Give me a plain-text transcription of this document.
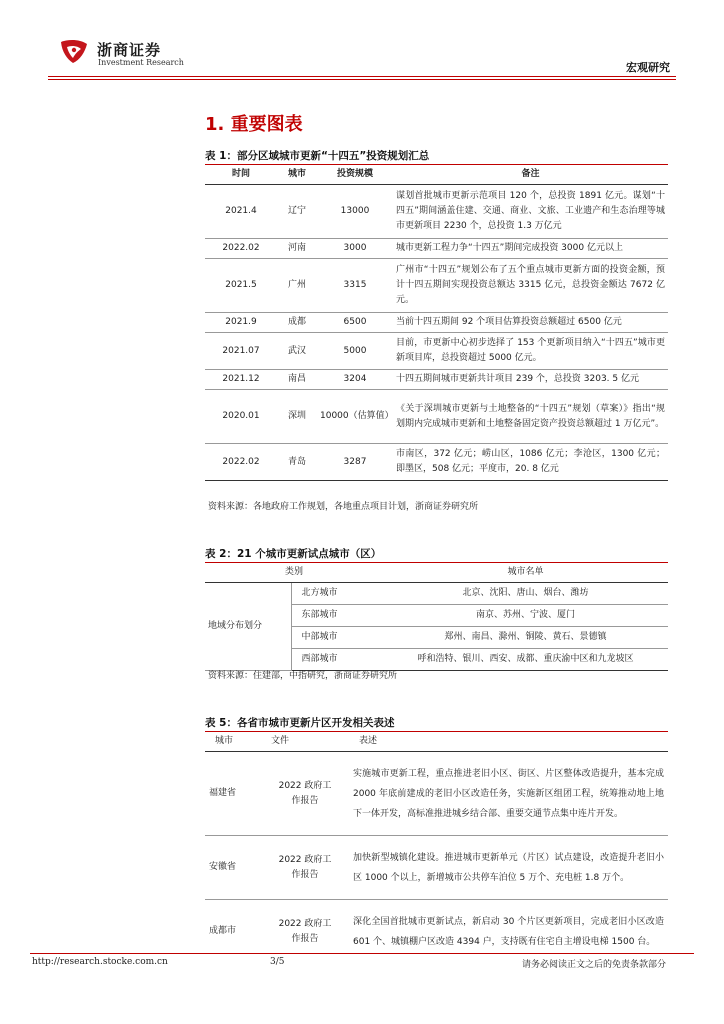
浙商证券
Investment Research	宏观研究
1. 重要图表
表 1：部分区域城市更新“十四五”投资规划汇总
时间	城市	投资规模	备注
2021.4	辽宁	13000	谋划首批城市更新示范项目 120 个，总投资 1891 亿元。谋划“十四五”期间涵盖住建、交通、商业、文旅、工业遗产和生态治理等城市更新项目 2230 个，总投资 1.3 万亿元
2022.02	河南	3000	城市更新工程力争“十四五”期间完成投资 3000 亿元以上
2021.5	广州	3315	广州市“十四五”规划公布了五个重点城市更新方面的投资金额，预计十四五期间实现投资总额达 3315 亿元，总投资金额达 7672 亿元。
2021.9	成都	6500	当前十四五期间 92 个项目估算投资总额超过 6500 亿元
2021.07	武汉	5000	目前，市更新中心初步选择了 153 个更新项目纳入“十四五”城市更新项目库，总投资超过 5000 亿元。
2021.12	南昌	3204	十四五期间城市更新共计项目 239 个，总投资 3203. 5 亿元
2020.01	深圳	10000（估算值）	《关于深圳城市更新与土地整备的“十四五”规划（草案）》指出“规划期内完成城市更新和土地整备固定资产投资总额超过 1 万亿元”。
2022.02	青岛	3287	市南区，372 亿元；崂山区，1086 亿元；李沧区，1300 亿元；即墨区，508 亿元；平度市，20. 8 亿元
资料来源：各地政府工作规划，各地重点项目计划，浙商证券研究所
表 2：21 个城市更新试点城市（区）
类别		城市名单
地域分布划分	北方城市	北京、沈阳、唐山、烟台、潍坊
	东部城市	南京、苏州、宁波、厦门
	中部城市	郑州、南昌、滁州、铜陵、黄石、景德镇
	西部城市	呼和浩特、银川、西安、成都、重庆渝中区和九龙坡区
资料来源：住建部，中指研究，浙商证券研究所
表 5：各省市城市更新片区开发相关表述
城市	文件	表述
福建省	2022 政府工作报告	实施城市更新工程，重点推进老旧小区、街区、片区整体改造提升，基本完成 2000 年底前建成的老旧小区改造任务，实施新区组团工程，统筹推动地上地下一体开发，高标准推进城乡结合部、重要交通节点集中连片开发。
安徽省	2022 政府工作报告	加快新型城镇化建设。推进城市更新单元（片区）试点建设，改造提升老旧小区 1000 个以上，新增城市公共停车泊位 5 万个、充电桩 1.8 万个。
成都市	2022 政府工作报告	深化全国首批城市更新试点，新启动 30 个片区更新项目，完成老旧小区改造 601 个、城镇棚户区改造 4394 户，支持既有住宅自主增设电梯 1500 台。
http://research.stocke.com.cn	3/5	请务必阅读正文之后的免责条款部分
